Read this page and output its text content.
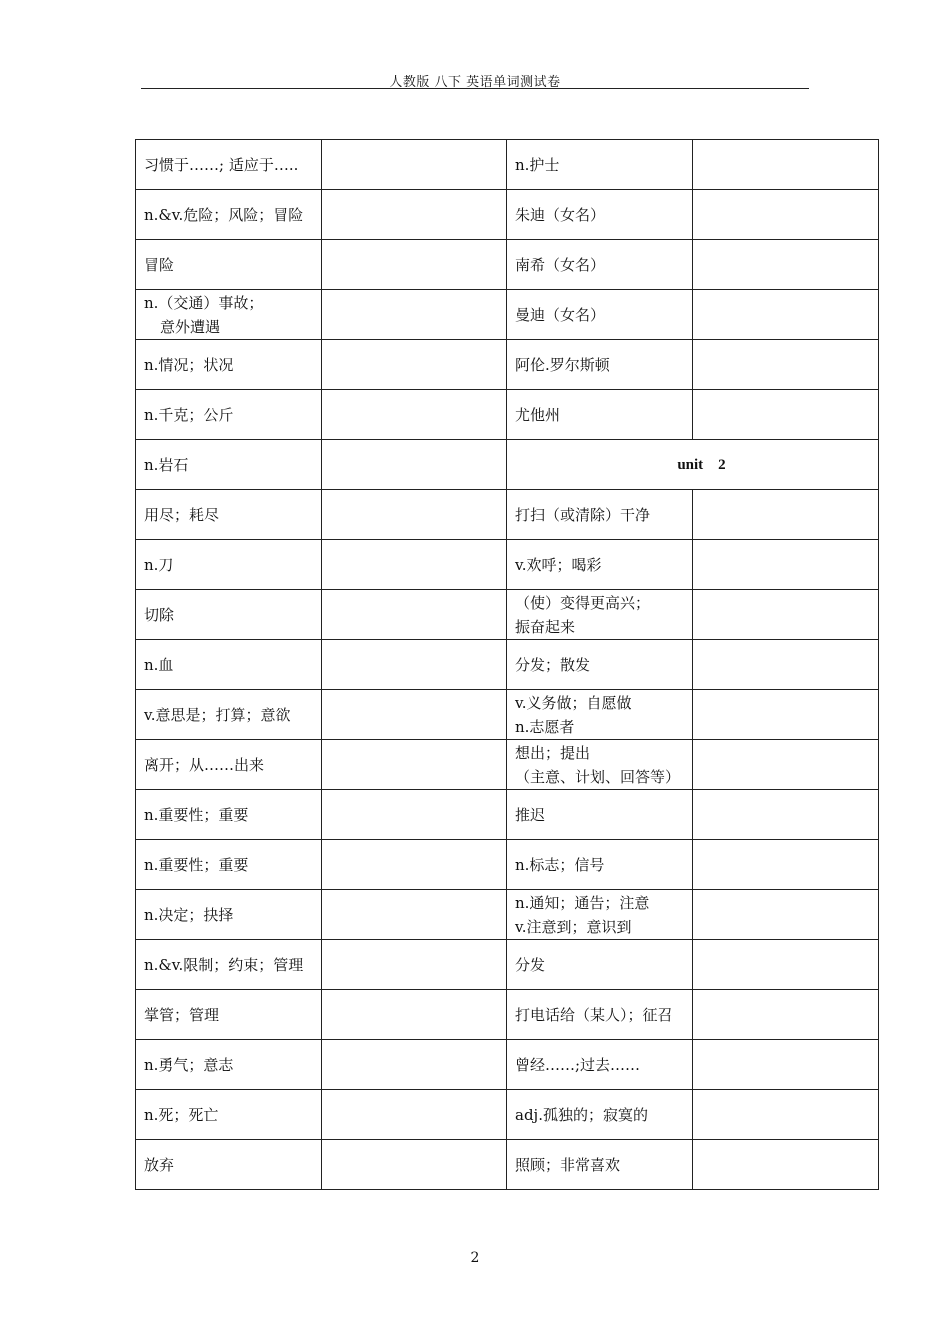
人教版 八下 英语单词测试卷
习惯于……; 适应于…..		n.护士	

n.&v.危险；风险；冒险		朱迪（女名）	

冒险		南希（女名）	

n.（交通）事故；
意外遭遇		曼迪（女名）	

n.情况；状况		阿伦.罗尔斯顿	

n.千克；公斤		尤他州	

n.岩石		unit    2	

用尽；耗尽		打扫（或清除）干净	

n.刀		v.欢呼；喝彩	

切除		（使）变得更高兴；
振奋起来	

n.血		分发；散发	

v.意思是；打算；意欲		v.义务做；自愿做
n.志愿者	

离开；从……出来		想出；提出
（主意、计划、回答等）	

n.重要性；重要		推迟	

n.重要性；重要		n.标志；信号	

n.决定；抉择		n.通知；通告；注意
v.注意到；意识到	

n.&v.限制；约束；管理		分发	

掌管；管理		打电话给（某人）；征召	

n.勇气；意志		曾经……;过去……	

n.死；死亡		adj.孤独的；寂寞的	

放弃		照顾；非常喜欢	

2
